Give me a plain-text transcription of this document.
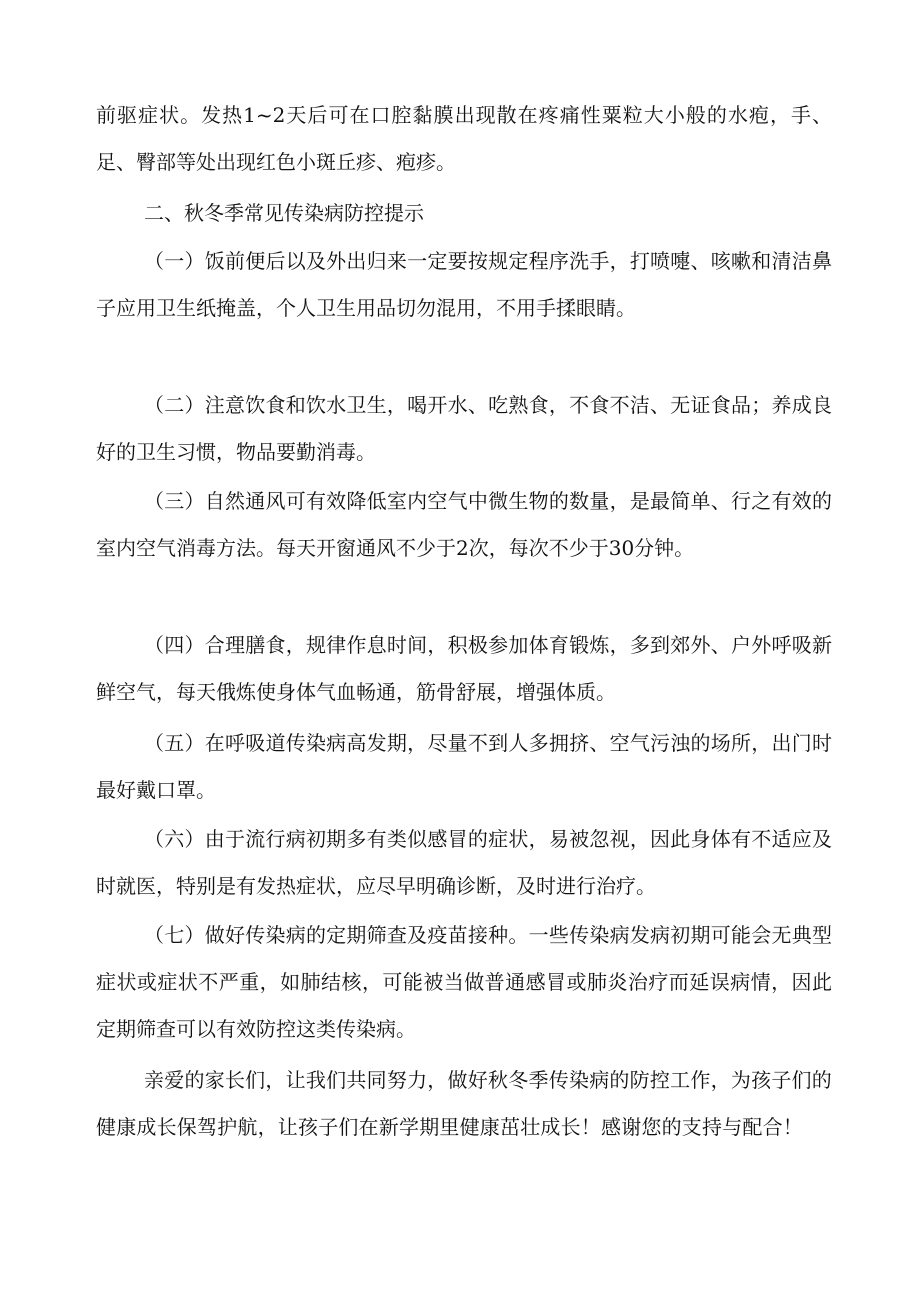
前驱症状。发热1~2天后可在口腔黏膜出现散在疼痛性粟粒大小般的水疱，手、足、臀部等处出现红色小斑丘疹、疱疹。

二、秋冬季常见传染病防控提示

（一）饭前便后以及外出归来一定要按规定程序洗手，打喷嚏、咳嗽和清洁鼻子应用卫生纸掩盖，个人卫生用品切勿混用，不用手揉眼睛。

（二）注意饮食和饮水卫生，喝开水、吃熟食，不食不洁、无证食品；养成良好的卫生习惯，物品要勤消毒。

（三）自然通风可有效降低室内空气中微生物的数量，是最简单、行之有效的室内空气消毒方法。每天开窗通风不少于2次，每次不少于30分钟。

（四）合理膳食，规律作息时间，积极参加体育锻炼，多到郊外、户外呼吸新鲜空气，每天俄炼使身体气血畅通，筋骨舒展，增强体质。

（五）在呼吸道传染病高发期，尽量不到人多拥挤、空气污浊的场所，出门时最好戴口罩。

（六）由于流行病初期多有类似感冒的症状，易被忽视，因此身体有不适应及时就医，特别是有发热症状，应尽早明确诊断，及时进行治疗。

（七）做好传染病的定期筛查及疫苗接种。一些传染病发病初期可能会无典型症状或症状不严重，如肺结核，可能被当做普通感冒或肺炎治疗而延误病情，因此定期筛查可以有效防控这类传染病。

亲爱的家长们，让我们共同努力，做好秋冬季传染病的防控工作，为孩子们的健康成长保驾护航，让孩子们在新学期里健康茁壮成长！感谢您的支持与配合！
